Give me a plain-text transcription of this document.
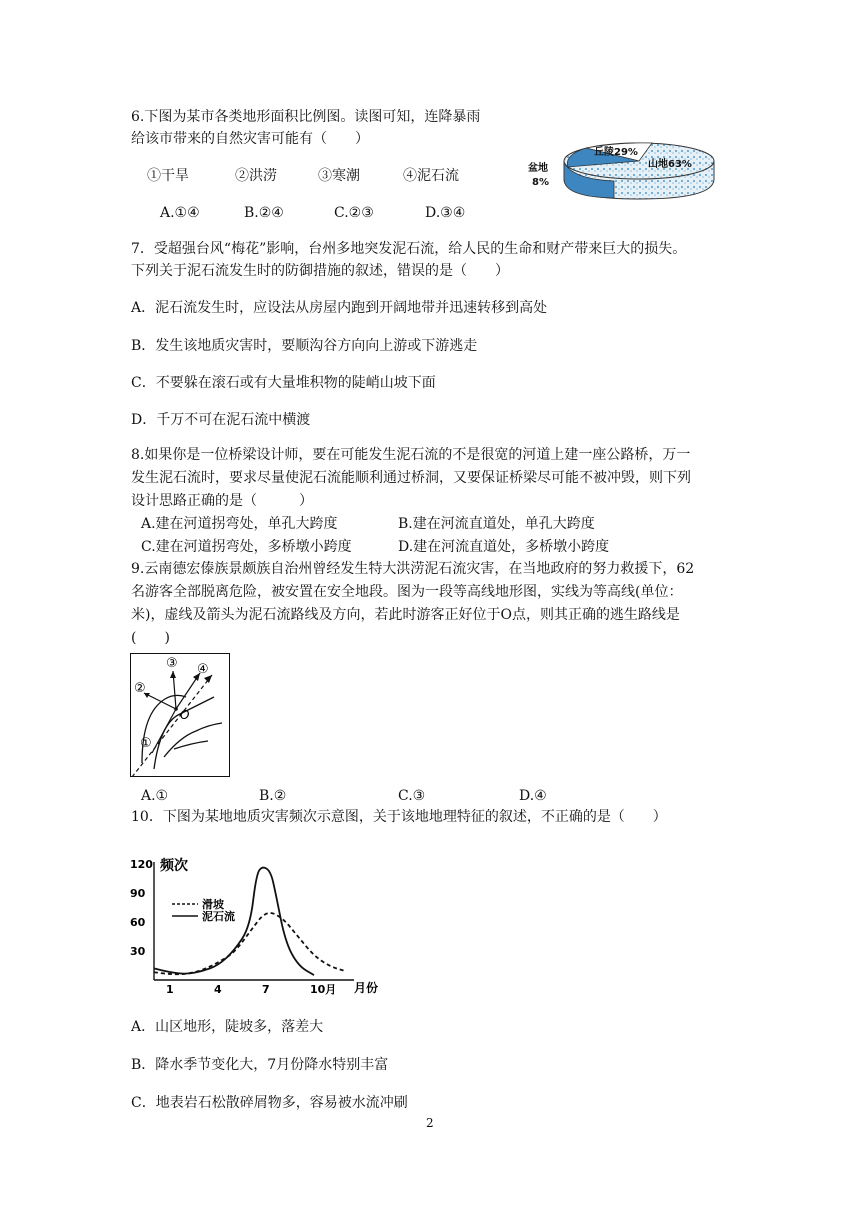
6.下图为某市各类地形面积比例图。读图可知，连降暴雨
给该市带来的自然灾害可能有（　　）
①干旱	②洪涝	③寒潮	④泥石流
A.①④	B.②④	C.②③	D.③④
丘陵29%
山地63%
盆地
8%
7．受超强台风“梅花”影响，台州多地突发泥石流，给人民的生命和财产带来巨大的损失。
下列关于泥石流发生时的防御措施的叙述，错误的是（　　）
A．泥石流发生时，应设法从房屋内跑到开阔地带并迅速转移到高处
B．发生该地质灾害时，要顺沟谷方向向上游或下游逃走
C．不要躲在滚石或有大量堆积物的陡峭山坡下面
D．千万不可在泥石流中横渡
8.如果你是一位桥梁设计师，要在可能发生泥石流的不是很宽的河道上建一座公路桥，万一
发生泥石流时，要求尽量使泥石流能顺利通过桥洞，又要保证桥梁尽可能不被冲毁，则下列
设计思路正确的是（　　　）
A.建在河道拐弯处，单孔大跨度	B.建在河流直道处，单孔大跨度
C.建在河道拐弯处，多桥墩小跨度	D.建在河流直道处，多桥墩小跨度
9.云南德宏傣族景颇族自治州曾经发生特大洪涝泥石流灾害，在当地政府的努力救援下，62
名游客全部脱离危险，被安置在安全地段。图为一段等高线地形图，实线为等高线(单位：
米)，虚线及箭头为泥石流路线及方向，若此时游客正好位于O点，则其正确的逃生路线是
(　　)
①
②
③ ④
O
A.①	B.②	C.③	D.④
10．下图为某地地质灾害频次示意图，关于该地地理特征的叙述，不正确的是（　　）
频次
月份
30
60
90
120
1	4	7	10月
滑坡
泥石流
A．山区地形，陡坡多，落差大
B．降水季节变化大，7月份降水特别丰富
C．地表岩石松散碎屑物多，容易被水流冲刷
2
